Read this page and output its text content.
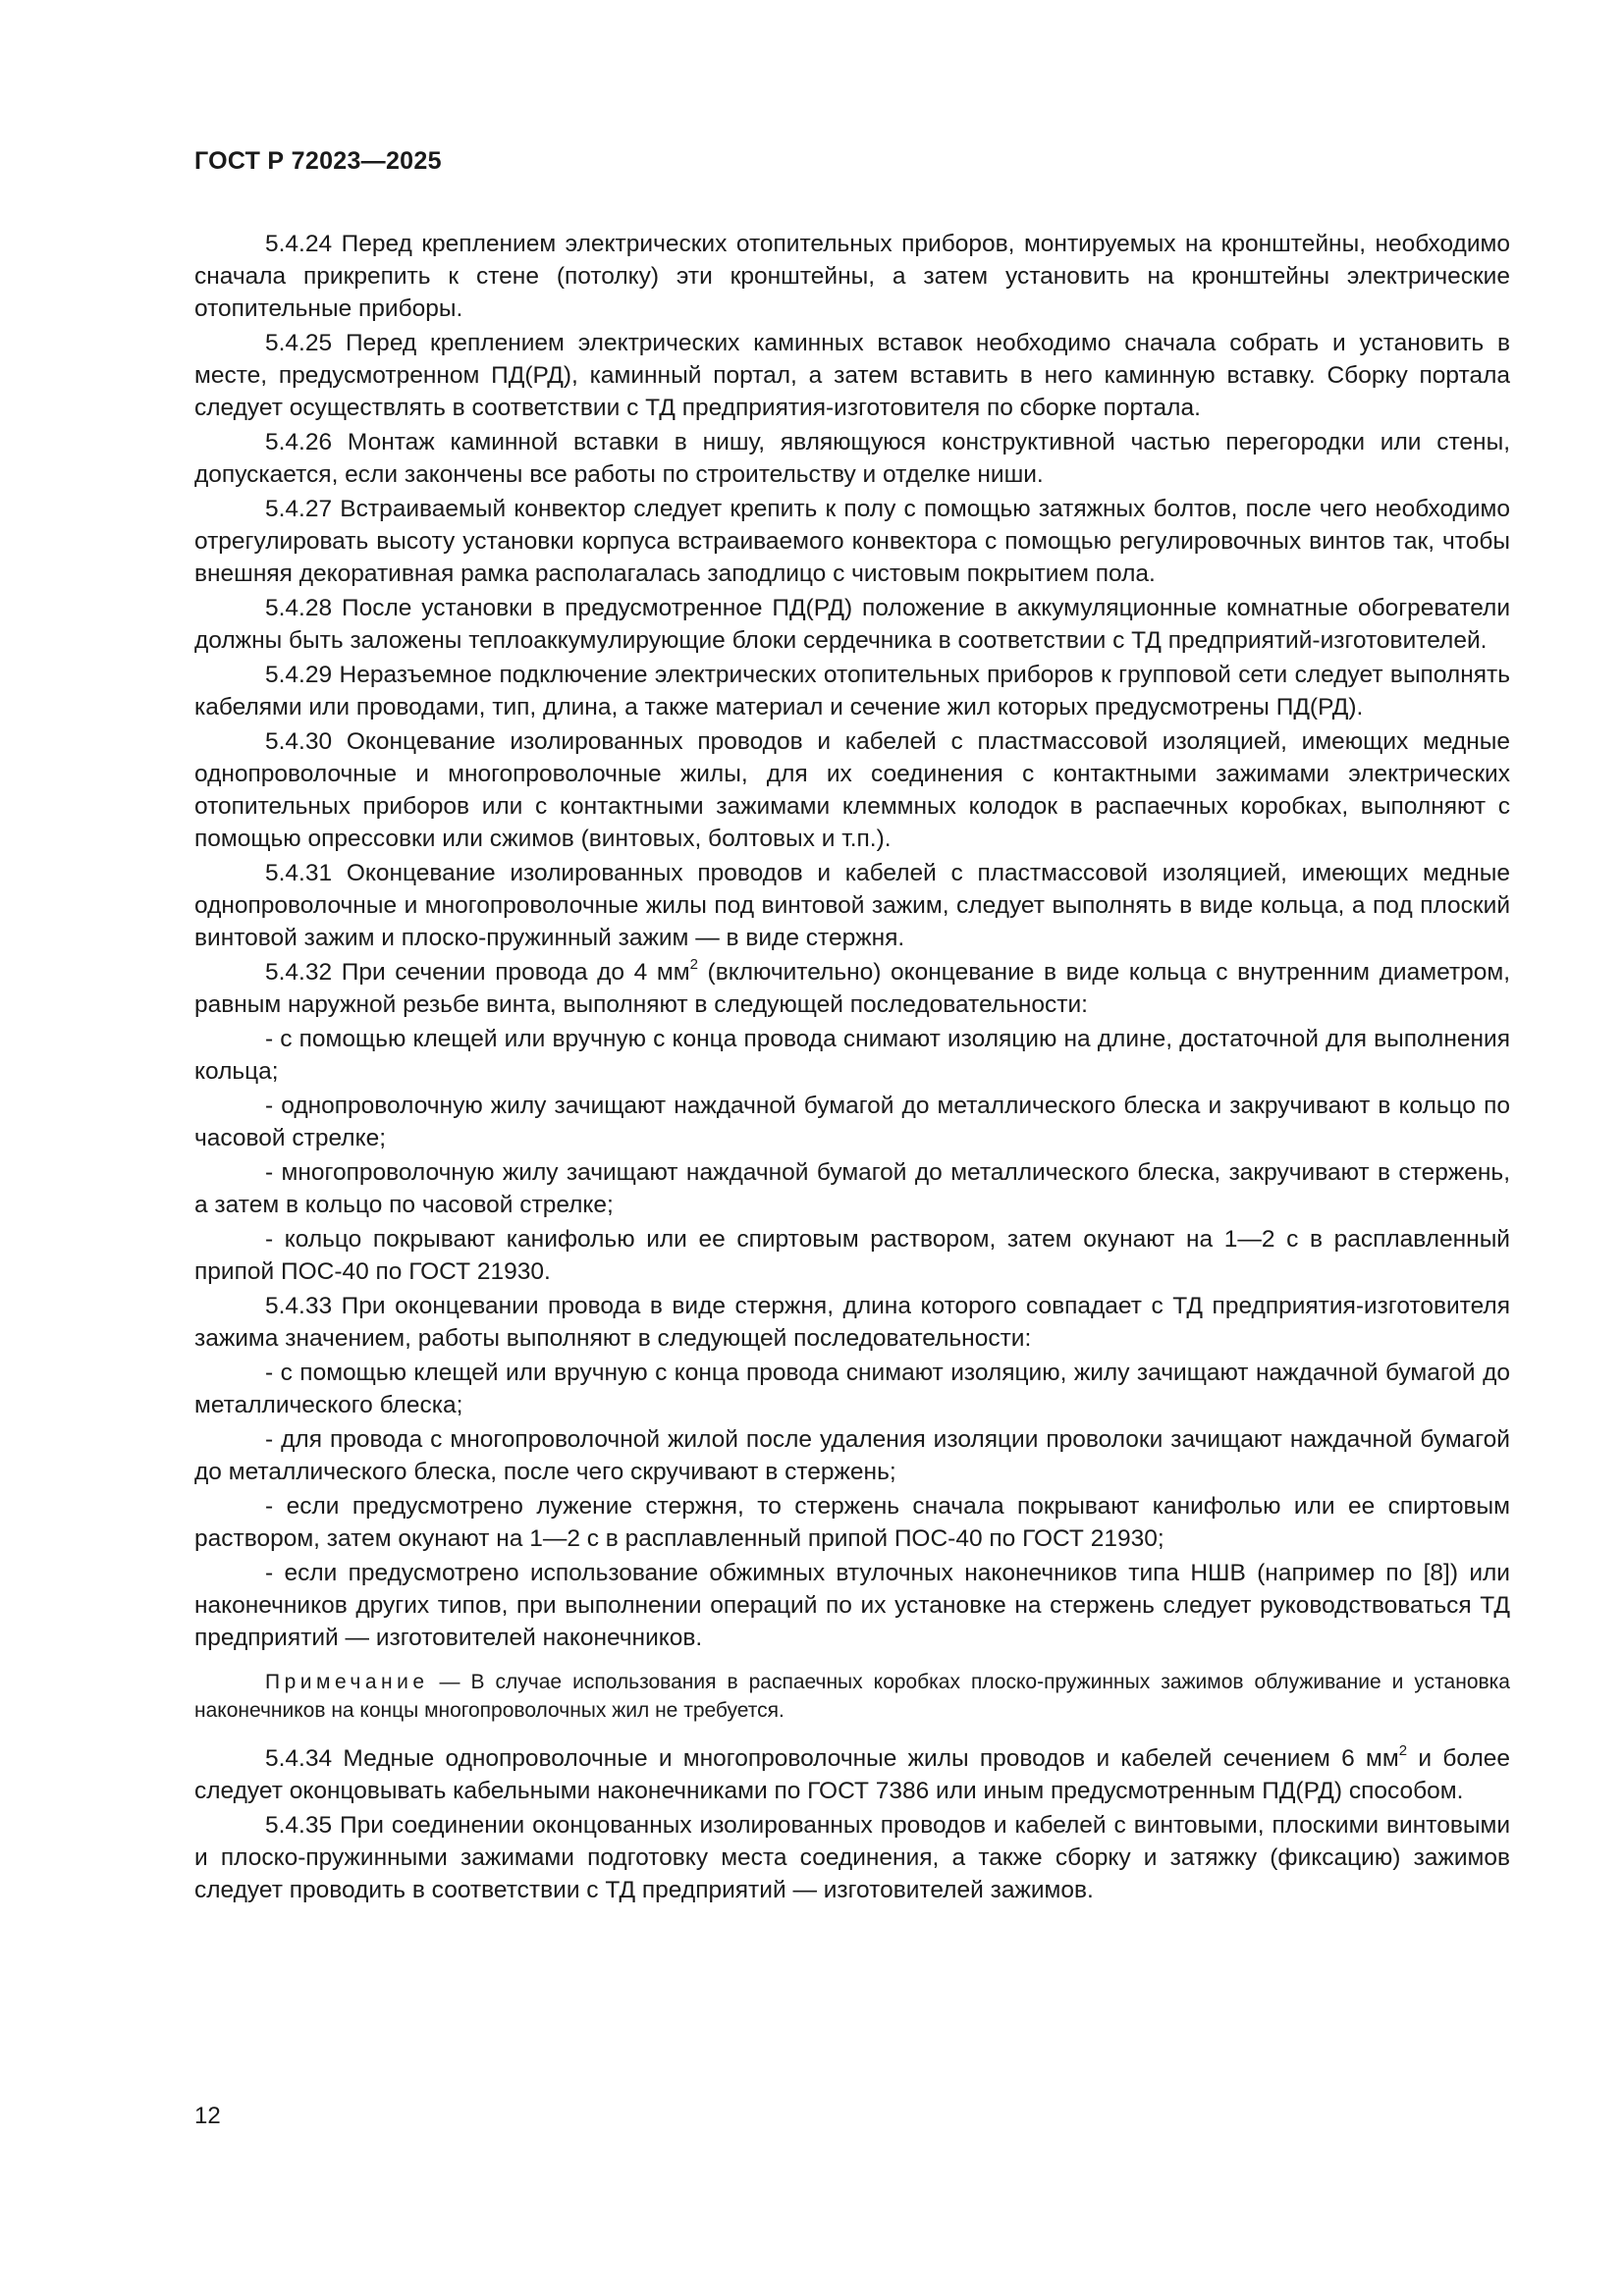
ГОСТ Р 72023—2025

5.4.24 Перед креплением электрических отопительных приборов, монтируемых на кронштейны, необходимо сначала прикрепить к стене (потолку) эти кронштейны, а затем установить на кронштейны электрические отопительные приборы.

5.4.25 Перед креплением электрических каминных вставок необходимо сначала собрать и установить в месте, предусмотренном ПД(РД), каминный портал, а затем вставить в него каминную вставку. Сборку портала следует осуществлять в соответствии с ТД предприятия-изготовителя по сборке портала.

5.4.26 Монтаж каминной вставки в нишу, являющуюся конструктивной частью перегородки или стены, допускается, если закончены все работы по строительству и отделке ниши.

5.4.27 Встраиваемый конвектор следует крепить к полу с помощью затяжных болтов, после чего необходимо отрегулировать высоту установки корпуса встраиваемого конвектора с помощью регулировочных винтов так, чтобы внешняя декоративная рамка располагалась заподлицо с чистовым покрытием пола.

5.4.28 После установки в предусмотренное ПД(РД) положение в аккумуляционные комнатные обогреватели должны быть заложены теплоаккумулирующие блоки сердечника в соответствии с ТД предприятий-изготовителей.

5.4.29 Неразъемное подключение электрических отопительных приборов к групповой сети следует выполнять кабелями или проводами, тип, длина, а также материал и сечение жил которых предусмотрены ПД(РД).

5.4.30 Оконцевание изолированных проводов и кабелей с пластмассовой изоляцией, имеющих медные однопроволочные и многопроволочные жилы, для их соединения с контактными зажимами электрических отопительных приборов или с контактными зажимами клеммных колодок в распаечных коробках, выполняют с помощью опрессовки или сжимов (винтовых, болтовых и т.п.).

5.4.31 Оконцевание изолированных проводов и кабелей с пластмассовой изоляцией, имеющих медные однопроволочные и многопроволочные жилы под винтовой зажим, следует выполнять в виде кольца, а под плоский винтовой зажим и плоско-пружинный зажим — в виде стержня.

5.4.32 При сечении провода до 4 $мм^2$ (включительно) оконцевание в виде кольца с внутренним диаметром, равным наружной резьбе винта, выполняют в следующей последовательности:

- с помощью клещей или вручную с конца провода снимают изоляцию на длине, достаточной для выполнения кольца;

- однопроволочную жилу зачищают наждачной бумагой до металлического блеска и закручивают в кольцо по часовой стрелке;

- многопроволочную жилу зачищают наждачной бумагой до металлического блеска, закручивают в стержень, а затем в кольцо по часовой стрелке;

- кольцо покрывают канифолью или ее спиртовым раствором, затем окунают на 1—2 с в расплавленный припой ПОС-40 по ГОСТ 21930.

5.4.33 При оконцевании провода в виде стержня, длина которого совпадает с ТД предприятия-изготовителя зажима значением, работы выполняют в следующей последовательности:

- с помощью клещей или вручную с конца провода снимают изоляцию, жилу зачищают наждачной бумагой до металлического блеска;

- для провода с многопроволочной жилой после удаления изоляции проволоки зачищают наждачной бумагой до металлического блеска, после чего скручивают в стержень;

- если предусмотрено лужение стержня, то стержень сначала покрывают канифолью или ее спиртовым раствором, затем окунают на 1—2 с в расплавленный припой ПОС-40 по ГОСТ 21930;

- если предусмотрено использование обжимных втулочных наконечников типа НШВ (например по [8]) или наконечников других типов, при выполнении операций по их установке на стержень следует руководствоваться ТД предприятий — изготовителей наконечников.

Примечание — В случае использования в распаечных коробках плоско-пружинных зажимов облуживание и установка наконечников на концы многопроволочных жил не требуется.

5.4.34 Медные однопроволочные и многопроволочные жилы проводов и кабелей сечением 6 $мм^2$ и более следует оконцовывать кабельными наконечниками по ГОСТ 7386 или иным предусмотренным ПД(РД) способом.

5.4.35 При соединении оконцованных изолированных проводов и кабелей с винтовыми, плоскими винтовыми и плоско-пружинными зажимами подготовку места соединения, а также сборку и затяжку (фиксацию) зажимов следует проводить в соответствии с ТД предприятий — изготовителей зажимов.

12
